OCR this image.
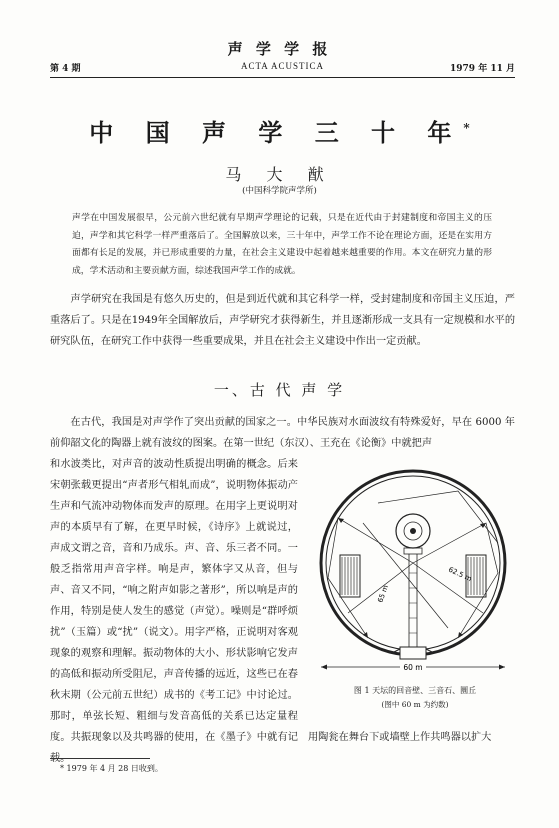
声 学 学 报
第 4 期	ACTA ACUSTICA	1979 年 11 月
中 国 声 学 三 十 年*
马 大 猷
(中国科学院声学所)
声学在中国发展很早，公元前六世纪就有早期声学理论的记载，只是在近代由于封建制度和帝国主义的压迫，声学和其它科学一样严重落后了。全国解放以来，三十年中，声学工作不论在理论方面，还是在实用方面都有长足的发展，并已形成重要的力量，在社会主义建设中起着越来越重要的作用。本文在研究力量的形成，学术活动和主要贡献方面，综述我国声学工作的成就。
声学研究在我国是有悠久历史的，但是到近代就和其它科学一样，受封建制度和帝国主义压迫，严重落后了。只是在1949年全国解放后，声学研究才获得新生，并且逐渐形成一支具有一定规模和水平的研究队伍，在研究工作中获得一些重要成果，并且在社会主义建设中作出一定贡献。
一、古 代 声 学
在古代，我国是对声学作了突出贡献的国家之一。中华民族对水面波纹有特殊爱好，早在 6000 年前仰韶文化的陶器上就有波纹的图案。在第一世纪（东汉）、王充在《论衡》中就把声
和水波类比，对声音的波动性质提出明确的概念。后来宋朝张载更提出“声者形气相轧而成”，说明物体振动产生声和气流冲动物体而发声的原理。在用字上更说明对声的本质早有了解，在更早时候，《诗序》上就说过，声成文谓之音，音和乃成乐。声、音、乐三者不同。一般乏指常用声音字样。响是声，繁体字又从音，但与声、音又不同，“响之附声如影之著形”，所以响是声的作用，特别是使人发生的感觉（声觉）。噪则是“群呼烦扰”（玉篇）或“扰”（说文）。用字严格，正说明对客观现象的观察和理解。振动物体的大小、形状影响它发声的高低和振动所受阻尼，声音传播的远近，这些已在春秋末期（公元前五世纪）成书的《考工记》中讨论过。那时，单弦长短、粗细与发音高低的关系已达定量程度。共振现象以及共鸣器的使用，在《墨子》中就有记载。
62.5 m
65 m
60 m
图 1 天坛的回音壁、三音石、圜丘
(图中 60 m 为约数)
用陶瓮在舞台下或墙壁上作共鸣器以扩大
* 1979 年 4 月 28 日收到。
